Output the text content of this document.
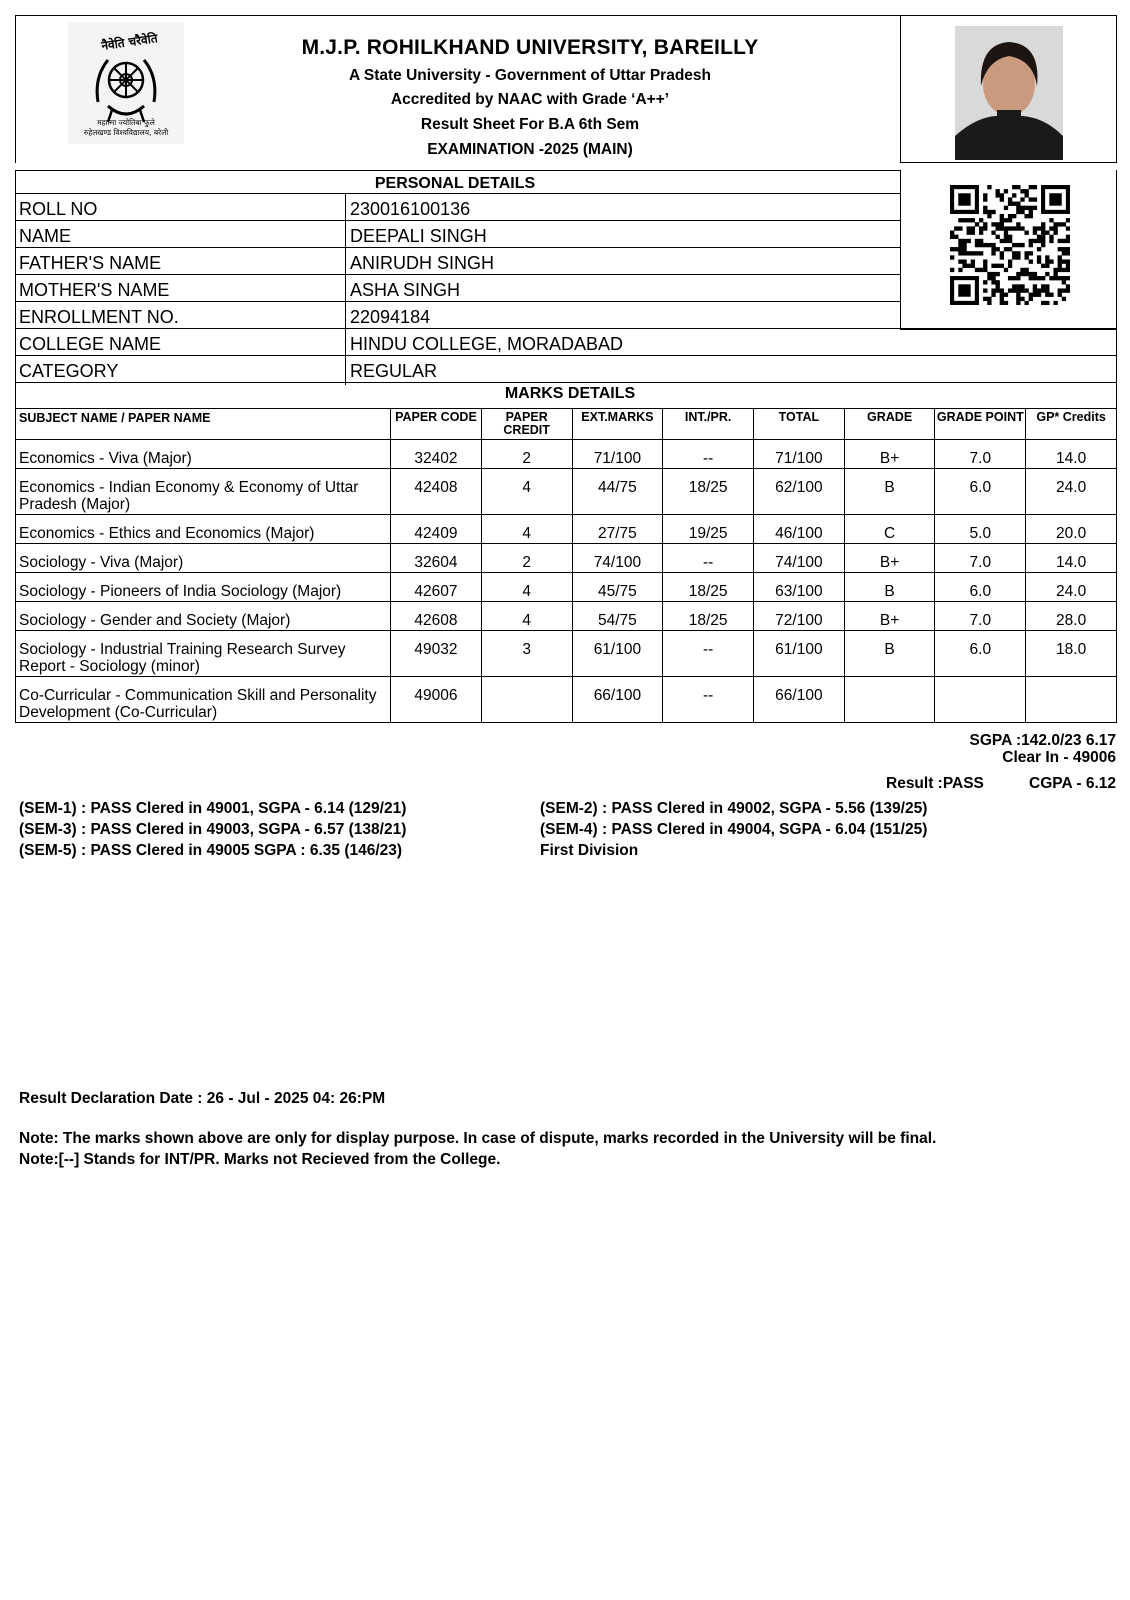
नैवेति चरैवेति
महात्मा ज्योतिबा फुले
रुहेलखण्ड विश्वविद्यालय, बरेली
M.J.P. ROHILKHAND UNIVERSITY, BAREILLY
A State University - Government of Uttar Pradesh
Accredited by NAAC with Grade ‘A++’
Result Sheet For B.A 6th Sem
EXAMINATION -2025 (MAIN)
PERSONAL DETAILS
ROLL NO	230016100136
NAME	DEEPALI SINGH
FATHER'S NAME	ANIRUDH SINGH
MOTHER'S NAME	ASHA SINGH
ENROLLMENT NO.	22094184
COLLEGE NAME	HINDU COLLEGE, MORADABAD
CATEGORY	REGULAR
MARKS DETAILS
SUBJECT NAME / PAPER NAME	PAPER CODE	PAPER CREDIT	EXT.MARKS	INT./PR.	TOTAL	GRADE	GRADE POINT	GP* Credits
Economics - Viva (Major)	32402	2	71/100	--	71/100	B+	7.0	14.0
Economics - Indian Economy & Economy of Uttar Pradesh (Major)	42408	4	44/75	18/25	62/100	B	6.0	24.0
Economics - Ethics and Economics (Major)	42409	4	27/75	19/25	46/100	C	5.0	20.0
Sociology - Viva (Major)	32604	2	74/100	--	74/100	B+	7.0	14.0
Sociology - Pioneers of India Sociology (Major)	42607	4	45/75	18/25	63/100	B	6.0	24.0
Sociology - Gender and Society (Major)	42608	4	54/75	18/25	72/100	B+	7.0	28.0
Sociology - Industrial Training Research Survey Report - Sociology (minor)	49032	3	61/100	--	61/100	B	6.0	18.0
Co-Curricular - Communication Skill and Personality Development (Co-Curricular)	49006		66/100	--	66/100			
SGPA :142.0/23 6.17
Clear In - 49006
Result :PASS	CGPA - 6.12
(SEM-1) : PASS Clered in 49001, SGPA - 6.14 (129/21)	(SEM-2) : PASS Clered in 49002, SGPA - 5.56 (139/25)
(SEM-3) : PASS Clered in 49003, SGPA - 6.57 (138/21)	(SEM-4) : PASS Clered in 49004, SGPA - 6.04 (151/25)
(SEM-5) : PASS Clered in 49005 SGPA : 6.35 (146/23)	First Division
Result Declaration Date : 26 - Jul - 2025 04: 26:PM
Note: The marks shown above are only for display purpose. In case of dispute, marks recorded in the University will be final.
Note:[--] Stands for INT/PR. Marks not Recieved from the College.
